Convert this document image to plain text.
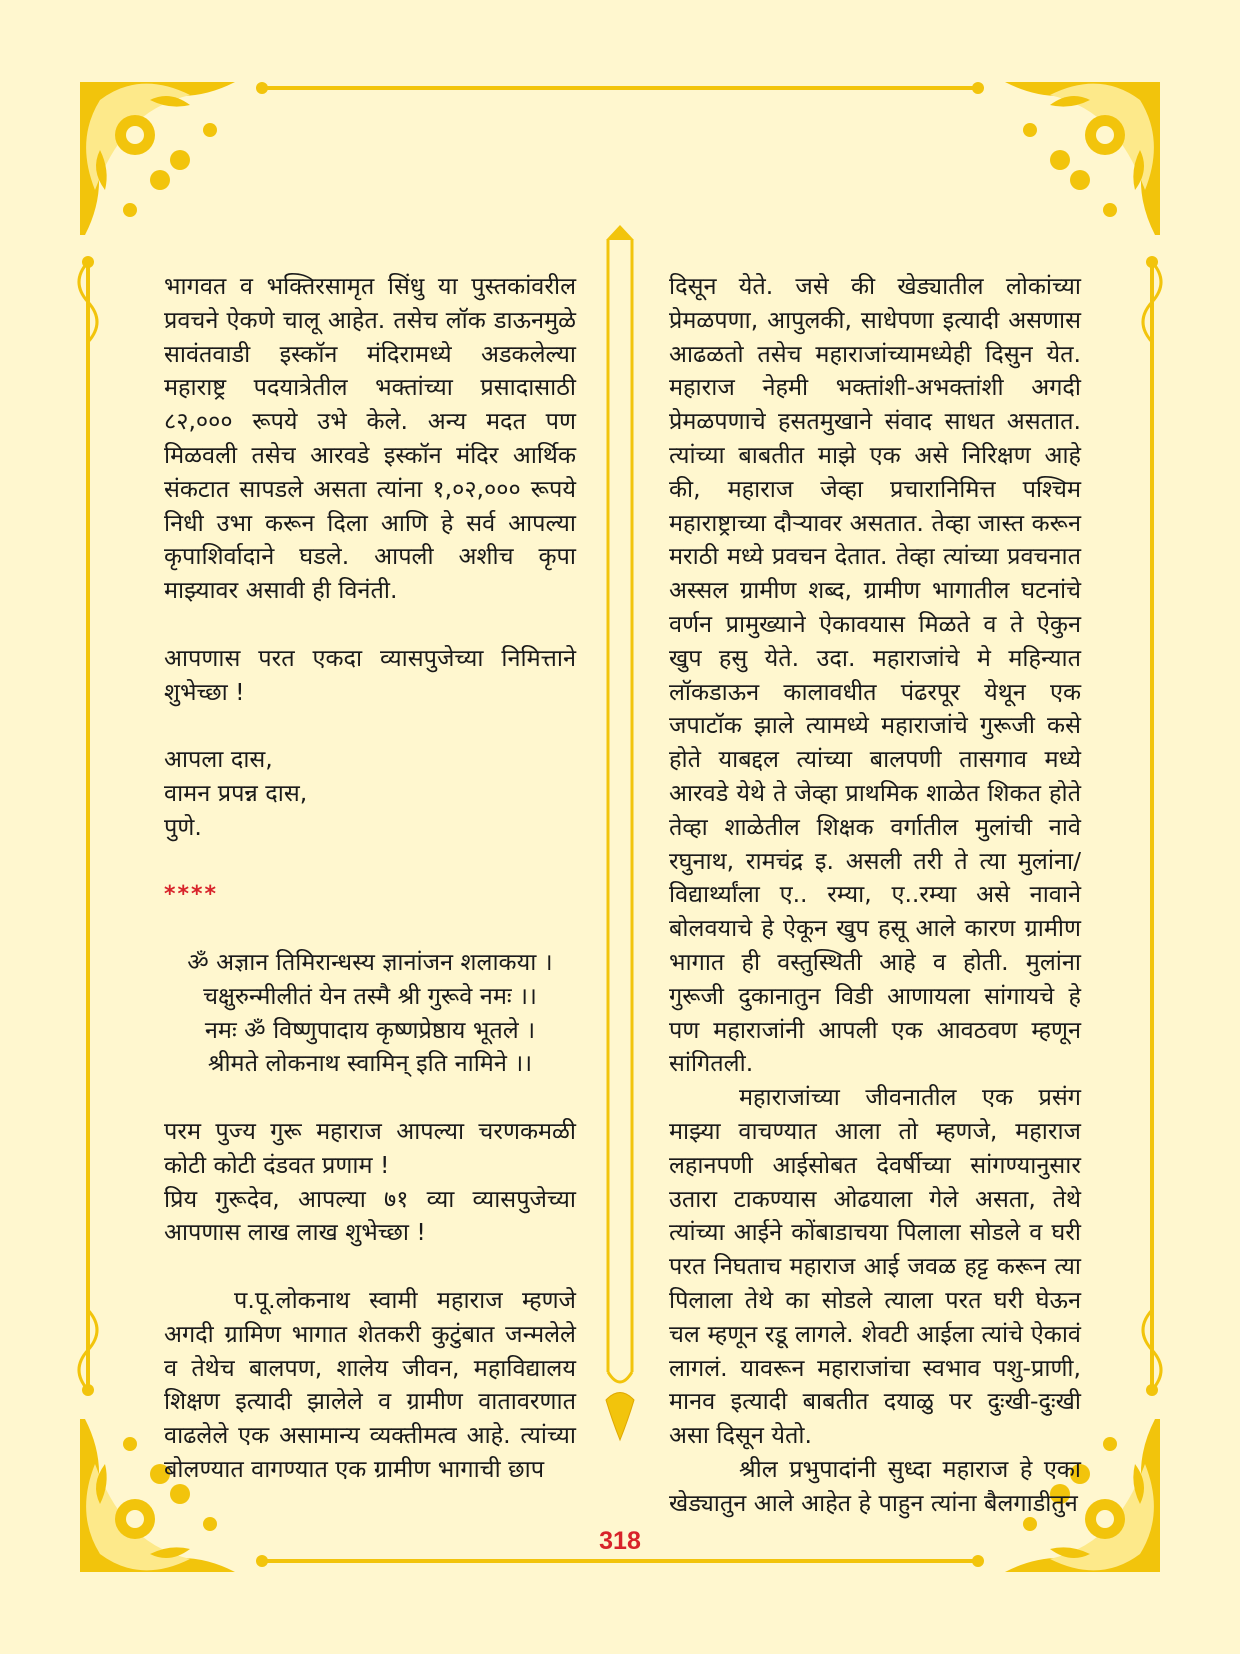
भागवत व भक्तिरसामृत सिंधु या पुस्तकांवरील प्रवचने ऐकणे चालू आहेत. तसेच लॉक डाऊनमुळे सावंतवाडी इस्कॉन मंदिरामध्ये अडकलेल्या महाराष्ट्र पदयात्रेतील भक्तांच्या प्रसादासाठी ८२,००० रूपये उभे केले. अन्य मदत पण मिळवली तसेच आरवडे इस्कॉन मंदिर आर्थिक संकटात सापडले असता त्यांना १,०२,००० रूपये निधी उभा करून दिला आणि हे सर्व आपल्या कृपाशिर्वादाने घडले. आपली अशीच कृपा माझ्यावर असावी ही विनंती.

आपणास परत एकदा व्यासपुजेच्या निमित्ताने शुभेच्छा !

आपला दास,
वामन प्रपन्न दास,
पुणे.

****

ॐ अज्ञान तिमिरान्धस्य ज्ञानांजन शलाकया ।
चक्षुरुन्मीलीतं येन तस्मै श्री गुरूवे नमः ।।
नमः ॐ विष्णुपादाय कृष्णप्रेष्ठाय भूतले ।
श्रीमते लोकनाथ स्वामिन् इति नामिने ।।

परम पुज्य गुरू महाराज आपल्या चरणकमळी कोटी कोटी दंडवत प्रणाम !

प्रिय गुरूदेव, आपल्या ७१ व्या व्यासपुजेच्या आपणास लाख लाख शुभेच्छा !

प.पू.लोकनाथ स्वामी महाराज म्हणजे अगदी ग्रामिण भागात शेतकरी कुटुंबात जन्मलेले व तेथेच बालपण, शालेय जीवन, महाविद्यालय शिक्षण इत्यादी झालेले व ग्रामीण वातावरणात वाढलेले एक असामान्य व्यक्तीमत्व आहे. त्यांच्या बोलण्यात वागण्यात एक ग्रामीण भागाची छाप

दिसून येते. जसे की खेड्यातील लोकांच्या प्रेमळपणा, आपुलकी, साधेपणा इत्यादी असणास आढळतो तसेच महाराजांच्यामध्येही दिसुन येत. महाराज नेहमी भक्तांशी-अभक्तांशी अगदी प्रेमळपणाचे हसतमुखाने संवाद साधत असतात. त्यांच्या बाबतीत माझे एक असे निरिक्षण आहे की, महाराज जेव्हा प्रचारानिमित्त पश्चिम महाराष्ट्राच्या दौऱ्यावर असतात. तेव्हा जास्त करून मराठी मध्ये प्रवचन देतात. तेव्हा त्यांच्या प्रवचनात अस्सल ग्रामीण शब्द, ग्रामीण भागातील घटनांचे वर्णन प्रामुख्याने ऐकावयास मिळते व ते ऐकुन खुप हसु येते. उदा. महाराजांचे मे महिन्यात लॉकडाऊन कालावधीत पंढरपूर येथून एक जपाटॉक झाले त्यामध्ये महाराजांचे गुरूजी कसे होते याबद्दल त्यांच्या बालपणी तासगाव मध्ये आरवडे येथे ते जेव्हा प्राथमिक शाळेत शिकत होते तेव्हा शाळेतील शिक्षक वर्गातील मुलांची नावे रघुनाथ, रामचंद्र इ. असली तरी ते त्या मुलांना/विद्यार्थ्यांला ए.. रम्या, ए..रम्या असे नावाने बोलवयाचे हे ऐकून खुप हसू आले कारण ग्रामीण भागात ही वस्तुस्थिती आहे व होती. मुलांना गुरूजी दुकानातुन विडी आणायला सांगायचे हे पण महाराजांनी आपली एक आवठवण म्हणून सांगितली.

महाराजांच्या जीवनातील एक प्रसंग माझ्या वाचण्यात आला तो म्हणजे, महाराज लहानपणी आईसोबत देवर्षीच्या सांगण्यानुसार उतारा टाकण्यास ओढयाला गेले असता, तेथे त्यांच्या आईने कोंबाडाचया पिलाला सोडले व घरी परत निघताच महाराज आई जवळ हट्ट करून त्या पिलाला तेथे का सोडले त्याला परत घरी घेऊन चल म्हणून रडू लागले. शेवटी आईला त्यांचे ऐकावं लागलं. यावरून महाराजांचा स्वभाव पशु-प्राणी, मानव इत्यादी बाबतीत दयाळु पर दुःखी-दुःखी असा दिसून येतो.

श्रील प्रभुपादांनी सुध्दा महाराज हे एका खेड्यातुन आले आहेत हे पाहुन त्यांना बैलगाडीतुन

318
